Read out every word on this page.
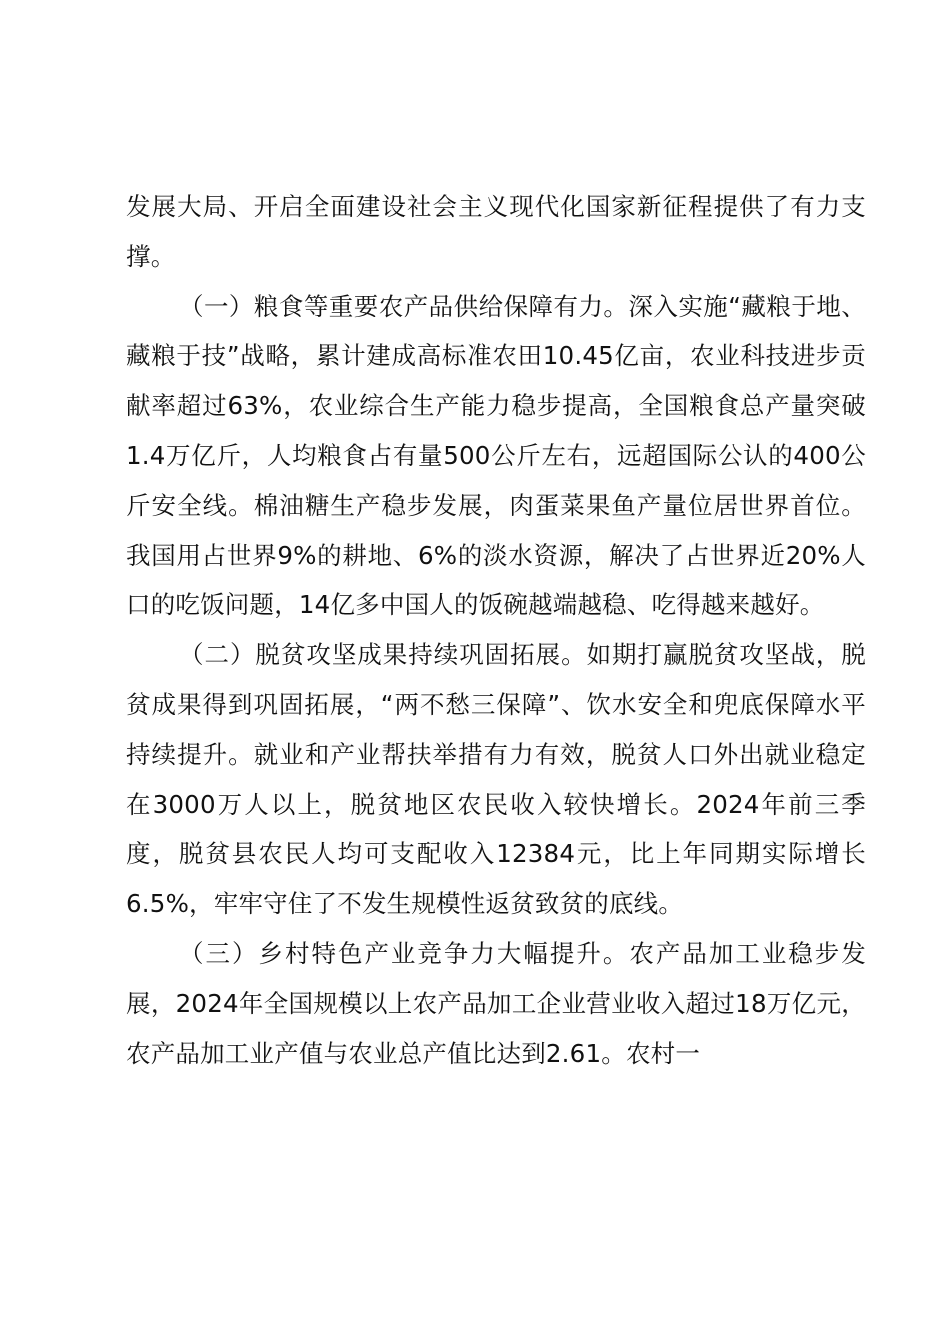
发展大局、开启全面建设社会主义现代化国家新征程提供了有力支撑。

（一）粮食等重要农产品供给保障有力。深入实施“藏粮于地、藏粮于技”战略，累计建成高标准农田10.45亿亩，农业科技进步贡献率超过63%，农业综合生产能力稳步提高，全国粮食总产量突破1.4万亿斤，人均粮食占有量500公斤左右，远超国际公认的400公斤安全线。棉油糖生产稳步发展，肉蛋菜果鱼产量位居世界首位。我国用占世界9%的耕地、6%的淡水资源，解决了占世界近20%人口的吃饭问题，14亿多中国人的饭碗越端越稳、吃得越来越好。

（二）脱贫攻坚成果持续巩固拓展。如期打赢脱贫攻坚战，脱贫成果得到巩固拓展，“两不愁三保障”、饮水安全和兜底保障水平持续提升。就业和产业帮扶举措有力有效，脱贫人口外出就业稳定在3000万人以上，脱贫地区农民收入较快增长。2024年前三季度，脱贫县农民人均可支配收入12384元，比上年同期实际增长6.5%，牢牢守住了不发生规模性返贫致贫的底线。

（三）乡村特色产业竞争力大幅提升。农产品加工业稳步发展，2024年全国规模以上农产品加工企业营业收入超过18万亿元，农产品加工业产值与农业总产值比达到2.61。农村一
